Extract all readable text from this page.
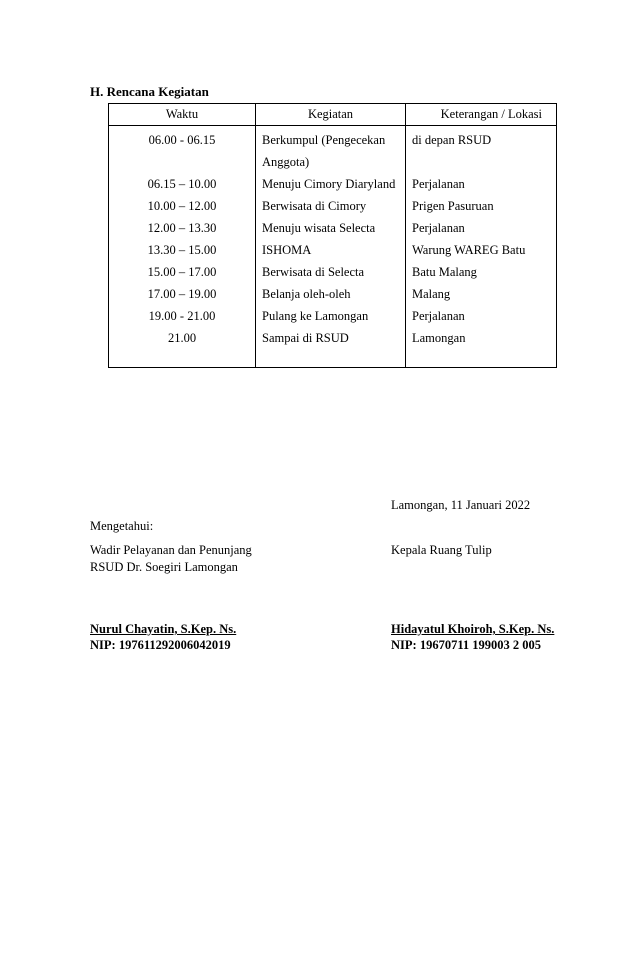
H. Rencana Kegiatan
Waktu	Kegiatan	Keterangan / Lokasi
06.00 - 06.15	Berkumpul (Pengecekan Anggota)	di depan RSUD
06.15 – 10.00	Menuju Cimory Diaryland	Perjalanan
10.00 – 12.00	Berwisata di Cimory	Prigen Pasuruan
12.00 – 13.30	Menuju wisata Selecta	Perjalanan
13.30 – 15.00	ISHOMA	Warung WAREG Batu
15.00 – 17.00	Berwisata di Selecta	Batu Malang
17.00 – 19.00	Belanja oleh-oleh	Malang
19.00 - 21.00	Pulang ke Lamongan	Perjalanan
21.00	Sampai di RSUD	Lamongan

Lamongan, 11 Januari 2022
Mengetahui:
Wadir Pelayanan dan Penunjang
RSUD Dr. Soegiri Lamongan
Kepala Ruang Tulip
Nurul Chayatin, S.Kep. Ns.
NIP: 197611292006042019
Hidayatul Khoiroh, S.Kep. Ns.
NIP: 19670711 199003 2 005
